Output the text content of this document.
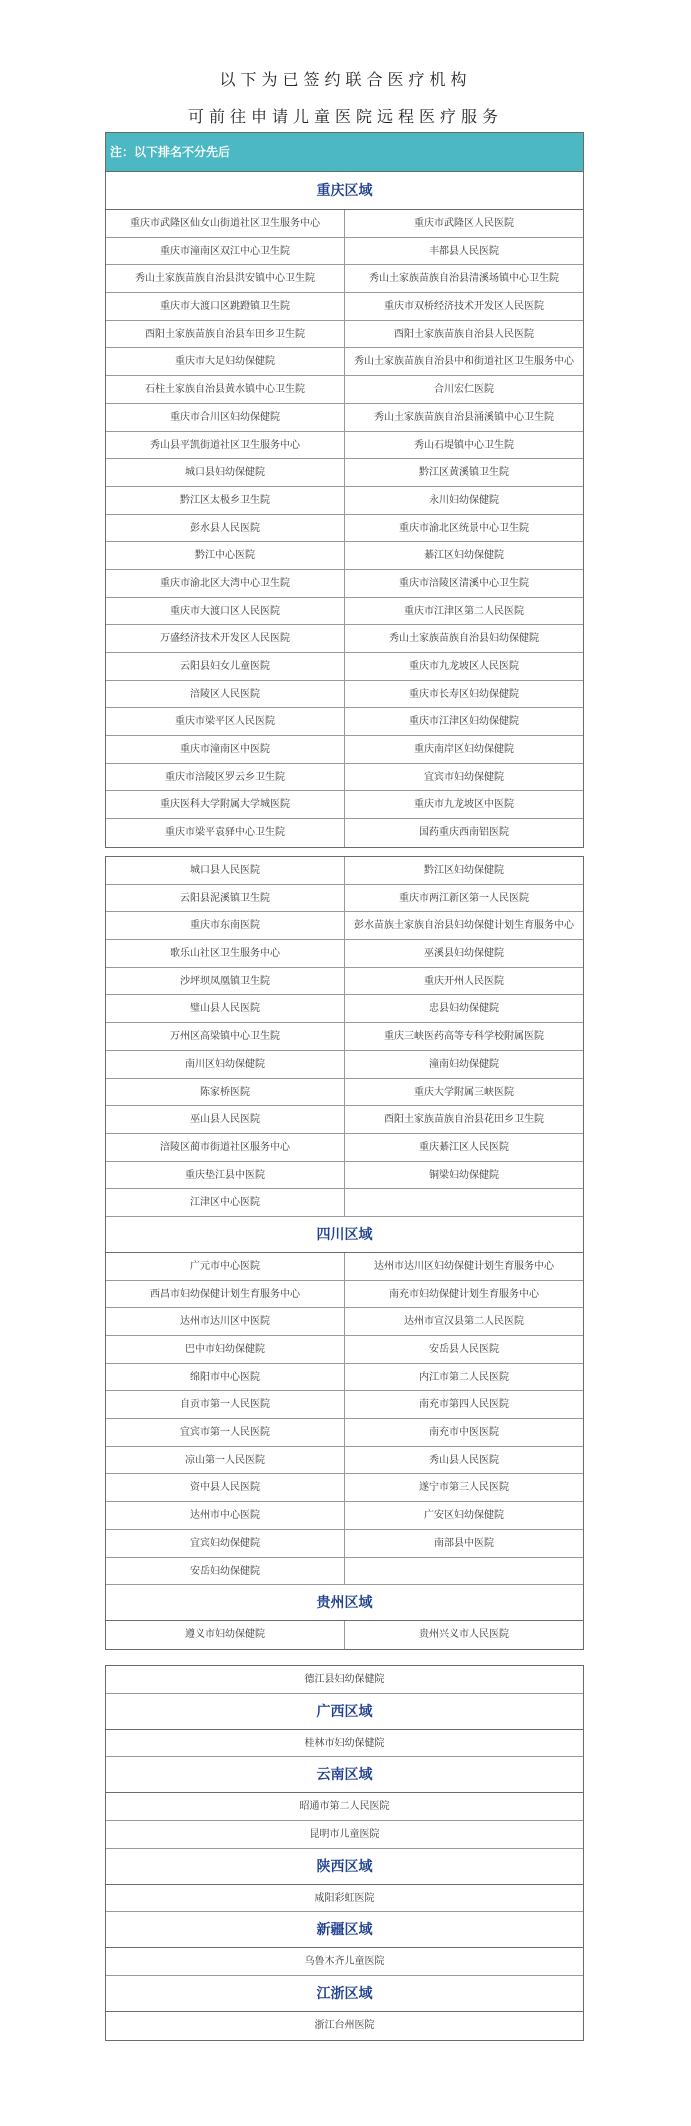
以下为已签约联合医疗机构
可前往申请儿童医院远程医疗服务
注：以下排名不分先后
重庆区域
重庆市武隆区仙女山街道社区卫生服务中心	重庆市武隆区人民医院
重庆市潼南区双江中心卫生院	丰都县人民医院
秀山土家族苗族自治县洪安镇中心卫生院	秀山土家族苗族自治县清溪场镇中心卫生院
重庆市大渡口区跳蹬镇卫生院	重庆市双桥经济技术开发区人民医院
酉阳土家族苗族自治县车田乡卫生院	酉阳土家族苗族自治县人民医院
重庆市大足妇幼保健院	秀山土家族苗族自治县中和街道社区卫生服务中心
石柱土家族自治县黄水镇中心卫生院	合川宏仁医院
重庆市合川区妇幼保健院	秀山土家族苗族自治县涌溪镇中心卫生院
秀山县平凯街道社区卫生服务中心	秀山石堤镇中心卫生院
城口县妇幼保健院	黔江区黄溪镇卫生院
黔江区太极乡卫生院	永川妇幼保健院
彭水县人民医院	重庆市渝北区统景中心卫生院
黔江中心医院	綦江区妇幼保健院
重庆市渝北区大湾中心卫生院	重庆市涪陵区清溪中心卫生院
重庆市大渡口区人民医院	重庆市江津区第二人民医院
万盛经济技术开发区人民医院	秀山土家族苗族自治县妇幼保健院
云阳县妇女儿童医院	重庆市九龙坡区人民医院
涪陵区人民医院	重庆市长寿区妇幼保健院
重庆市梁平区人民医院	重庆市江津区妇幼保健院
重庆市潼南区中医院	重庆南岸区妇幼保健院
重庆市涪陵区罗云乡卫生院	宜宾市妇幼保健院
重庆医科大学附属大学城医院	重庆市九龙坡区中医院
重庆市梁平袁驿中心卫生院	国药重庆西南铝医院
城口县人民医院	黔江区妇幼保健院
云阳县泥溪镇卫生院	重庆市两江新区第一人民医院
重庆市东南医院	彭水苗族土家族自治县妇幼保健计划生育服务中心
歌乐山社区卫生服务中心	巫溪县妇幼保健院
沙坪坝凤凰镇卫生院	重庆开州人民医院
璧山县人民医院	忠县妇幼保健院
万州区高梁镇中心卫生院	重庆三峡医药高等专科学校附属医院
南川区妇幼保健院	潼南妇幼保健院
陈家桥医院	重庆大学附属三峡医院
巫山县人民医院	酉阳土家族苗族自治县花田乡卫生院
涪陵区蔺市街道社区服务中心	重庆綦江区人民医院
重庆垫江县中医院	铜梁妇幼保健院
江津区中心医院
四川区域
广元市中心医院	达州市达川区妇幼保健计划生育服务中心
西昌市妇幼保健计划生育服务中心	南充市妇幼保健计划生育服务中心
达州市达川区中医院	达州市宣汉县第二人民医院
巴中市妇幼保健院	安岳县人民医院
绵阳市中心医院	内江市第二人民医院
自贡市第一人民医院	南充市第四人民医院
宜宾市第一人民医院	南充市中医医院
凉山第一人民医院	秀山县人民医院
资中县人民医院	遂宁市第三人民医院
达州市中心医院	广安区妇幼保健院
宜宾妇幼保健院	南部县中医院
安岳妇幼保健院
贵州区域
遵义市妇幼保健院	贵州兴义市人民医院
德江县妇幼保健院
广西区域
桂林市妇幼保健院
云南区域
昭通市第二人民医院
昆明市儿童医院
陕西区域
咸阳彩虹医院
新疆区域
乌鲁木齐儿童医院
江浙区域
浙江台州医院
